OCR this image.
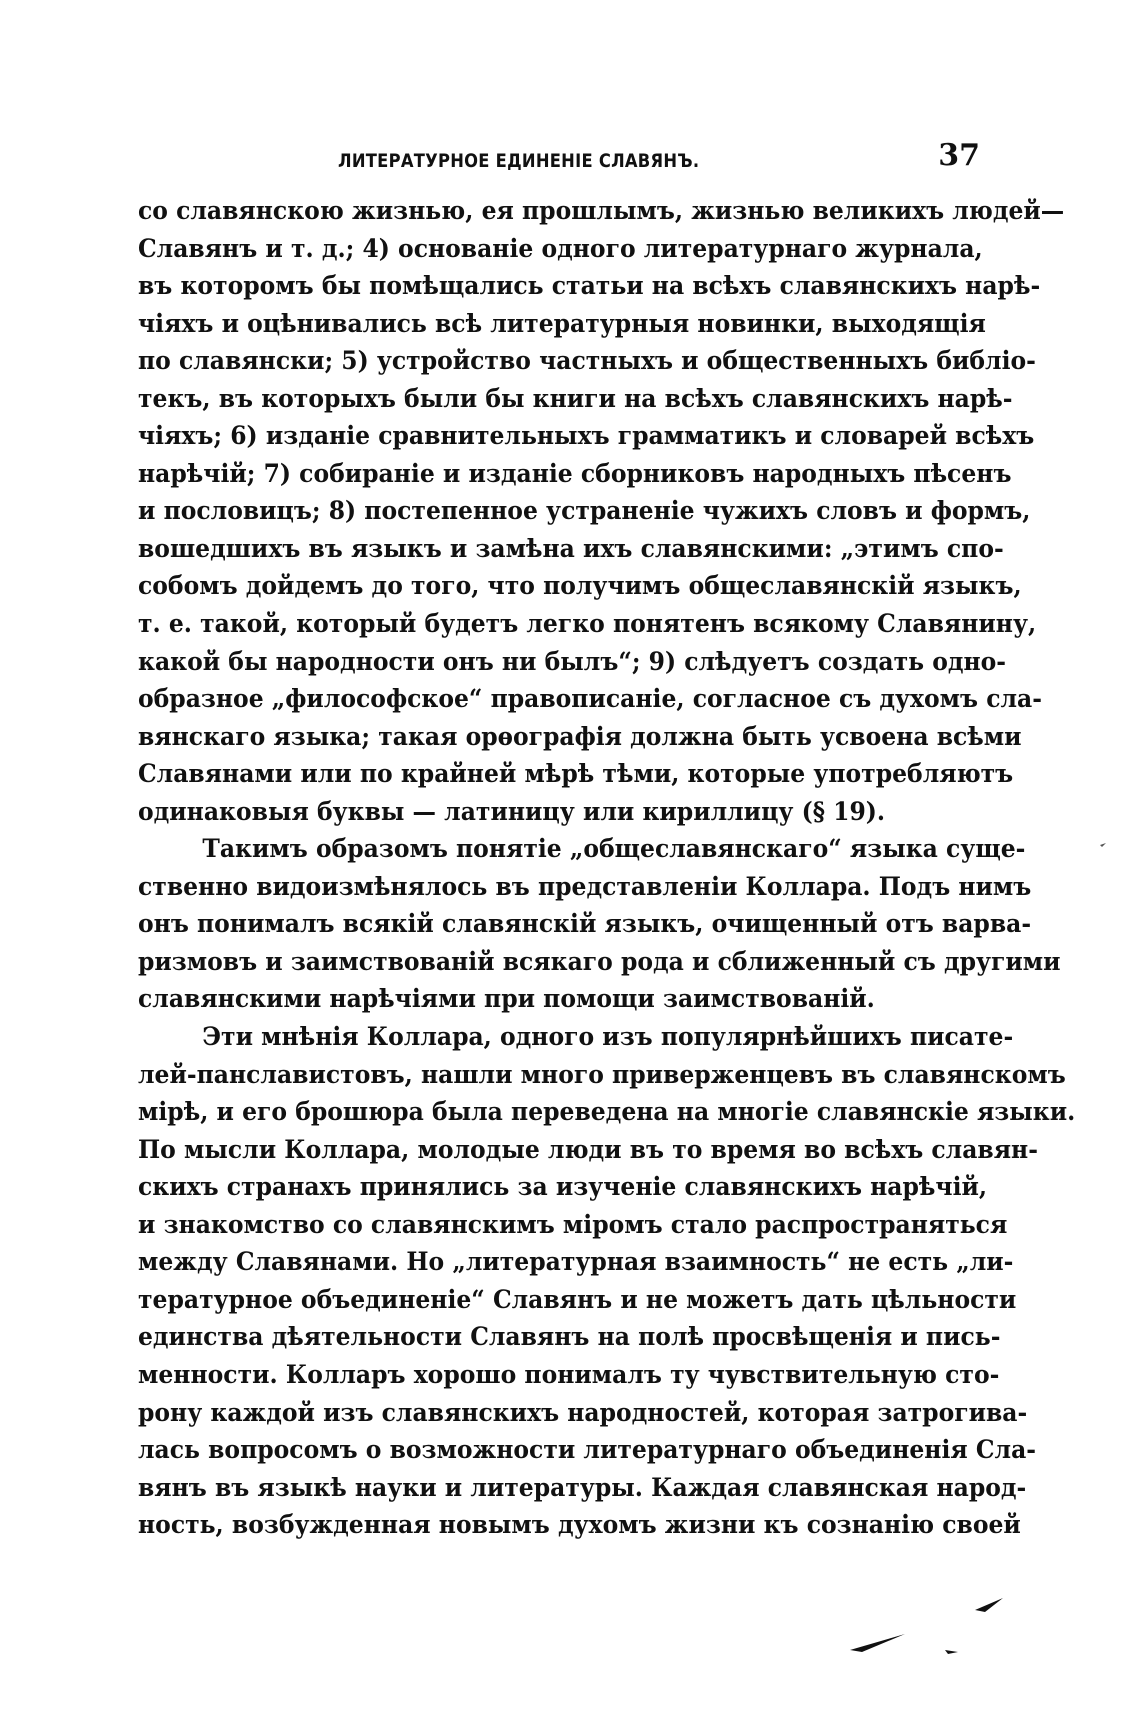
ЛИТЕРАТУРНОЕ ЕДИНЕНІЕ СЛАВЯНЪ.	37
со славянскою жизнью, ея прошлымъ, жизнью великихъ людей—
Славянъ и т. д.; 4) основаніе одного литературнаго журнала,
въ которомъ бы помѣщались статьи на всѣхъ славянскихъ нарѣ-
чіяхъ и оцѣнивались всѣ литературныя новинки, выходящія
по славянски; 5) устройство частныхъ и общественныхъ библіо-
текъ, въ которыхъ были бы книги на всѣхъ славянскихъ нарѣ-
чіяхъ; 6) изданіе сравнительныхъ грамматикъ и словарей всѣхъ
нарѣчій; 7) собираніе и изданіе сборниковъ народныхъ пѣсенъ
и пословицъ; 8) постепенное устраненіе чужихъ словъ и формъ,
вошедшихъ въ языкъ и замѣна ихъ славянскими: „этимъ спо-
собомъ дойдемъ до того, что получимъ общеславянскій языкъ,
т. е. такой, который будетъ легко понятенъ всякому Славянину,
какой бы народности онъ ни былъ“; 9) слѣдуетъ создать одно-
образное „философское“ правописаніе, согласное съ духомъ сла-
вянскаго языка; такая орѳографія должна быть усвоена всѣми
Славянами или по крайней мѣрѣ тѣми, которые употребляютъ
одинаковыя буквы — латиницу или кириллицу (§ 19).
Такимъ образомъ понятіе „общеславянскаго“ языка суще-
ственно видоизмѣнялось въ представленіи Коллара. Подъ нимъ
онъ понималъ всякій славянскій языкъ, очищенный отъ варва-
ризмовъ и заимствованій всякаго рода и сближенный съ другими
славянскими нарѣчіями при помощи заимствованій.
Эти мнѣнія Коллара, одного изъ популярнѣйшихъ писате-
лей-панславистовъ, нашли много приверженцевъ въ славянскомъ
мірѣ, и его брошюра была переведена на многіе славянскіе языки.
По мысли Коллара, молодые люди въ то время во всѣхъ славян-
скихъ странахъ принялись за изученіе славянскихъ нарѣчій,
и знакомство со славянскимъ міромъ стало распространяться
между Славянами. Но „литературная взаимность“ не есть „ли-
тературное объединеніе“ Славянъ и не можетъ дать цѣльности
единства дѣятельности Славянъ на полѣ просвѣщенія и пись-
менности. Колларъ хорошо понималъ ту чувствительную сто-
рону каждой изъ славянскихъ народностей, которая затрогива-
лась вопросомъ о возможности литературнаго объединенія Сла-
вянъ въ языкѣ науки и литературы. Каждая славянская народ-
ность, возбужденная новымъ духомъ жизни къ сознанію своей
